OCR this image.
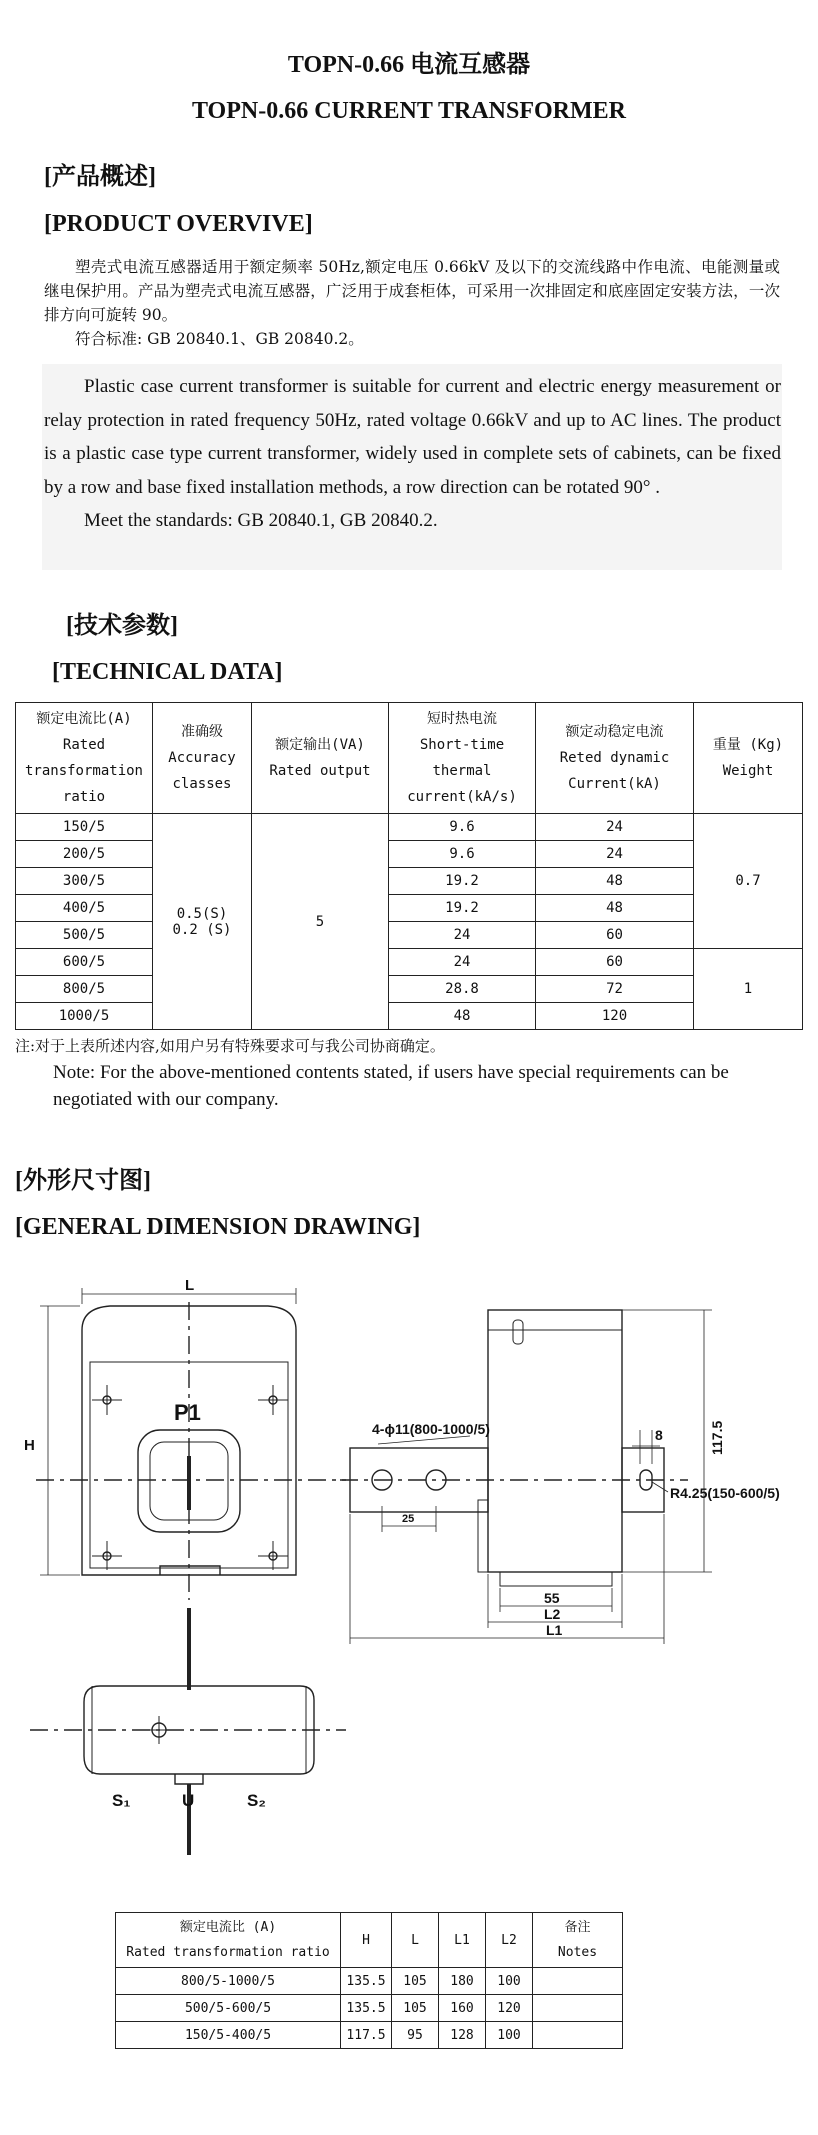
TOPN-0.66 电流互感器
TOPN-0.66 CURRENT TRANSFORMER
[产品概述]
[PRODUCT OVERVIVE]

塑壳式电流互感器适用于额定频率 50Hz,额定电压 0.66kV 及以下的交流线路中作电流、电能测量或继电保护用。产品为塑壳式电流互感器，广泛用于成套柜体，可采用一次排固定和底座固定安装方法，一次排方向可旋转 90。

符合标准: GB 20840.1、GB 20840.2。

Plastic case current transformer is suitable for current and electric energy measurement or relay protection in rated frequency 50Hz, rated voltage 0.66kV and up to AC lines. The product is a plastic case type current transformer, widely used in complete sets of cabinets, can be fixed by a row and base fixed installation methods, a row direction can be rotated 90° .

Meet the standards: GB 20840.1, GB 20840.2.

[技术参数]
[TECHNICAL DATA]
额定电流比(A)
Rated
transformation
ratio	准确级
Accuracy
classes	额定输出(VA)
Rated output	短时热电流
Short-time
thermal
current(kA/s)	额定动稳定电流
Reted dynamic
Current(kA)	重量 (Kg)
Weight
150/5	0.5(S)
0.2 (S)	5	9.6	24	0.7
200/5			9.6	24	
300/5			19.2	48	
400/5			19.2	48	
500/5			24	60	
600/5			24	60	1
800/5			28.8	72	
1000/5			48	120	
注:对于上表所述内容,如用户另有特殊要求可与我公司协商确定。
Note: For the above-mentioned contents stated, if users have special requirements can be negotiated with our company.
[外形尺寸图]
[GENERAL DIMENSION DRAWING]
L
H
P1
4-ϕ11(800-1000/5)	8	117.5
R4.25(150-600/5)
25
55
L2
L1
S₁	U	S₂
额定电流比 (A)
Rated transformation ratio	H	L	L1	L2	备注
Notes
800/5-1000/5	135.5	105	180	100	
500/5-600/5	135.5	105	160	120	
150/5-400/5	117.5	95	128	100	
